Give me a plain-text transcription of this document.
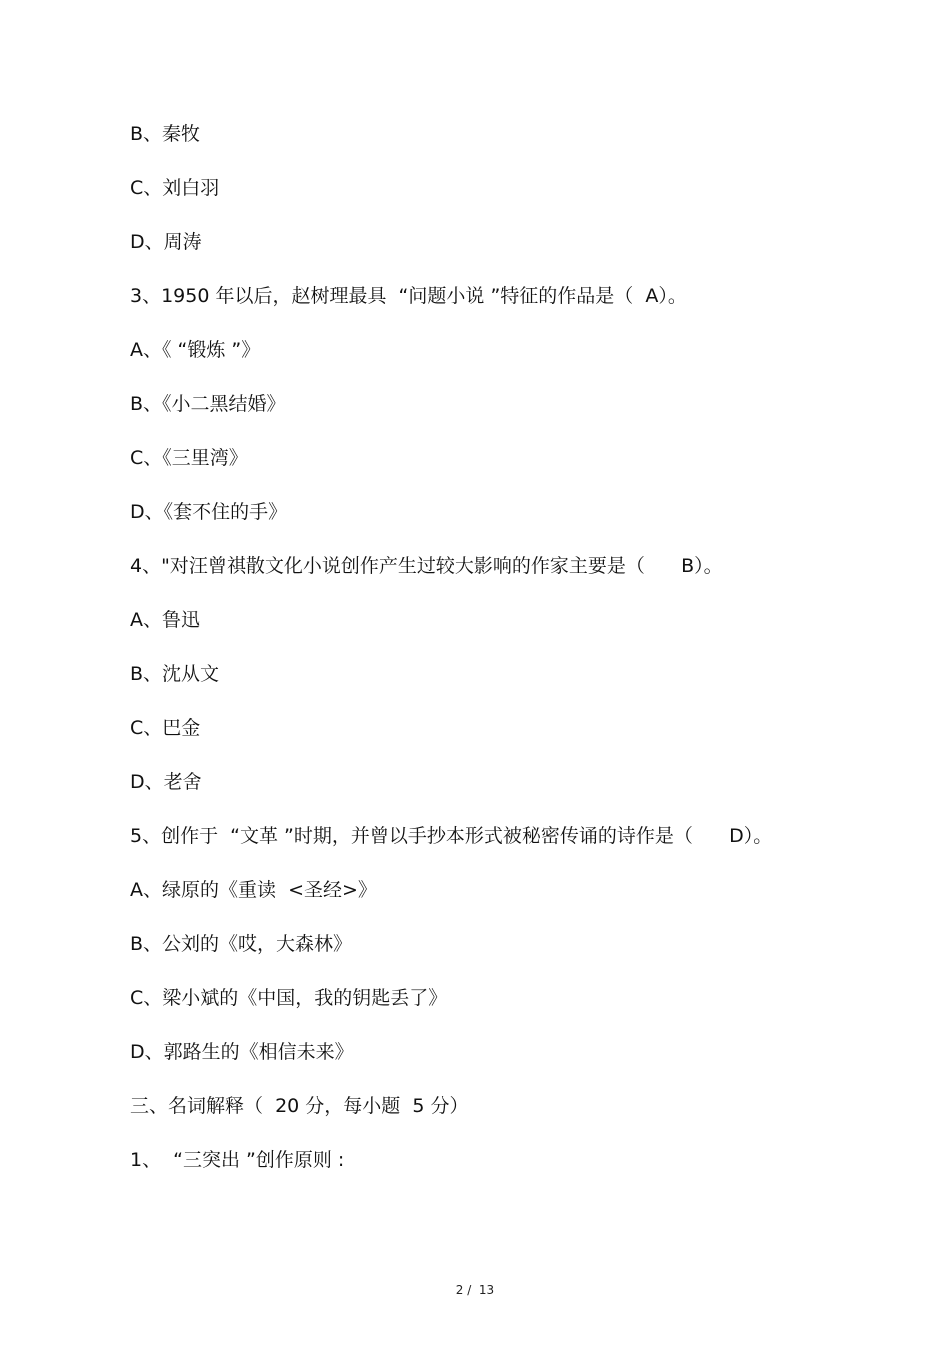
B、秦牧
C、刘白羽
D、周涛
3、1950 年以后，赵树理最具  “问题小说 ”特征的作品是（  A）。
A、《 “锻炼 ”》
B、《小二黑结婚》
C、《三里湾》
D、《套不住的手》
4、"对汪曾祺散文化小说创作产生过较大影响的作家主要是（      B）。
A、鲁迅
B、沈从文
C、巴金
D、老舍
5、创作于  “文革 ”时期，并曾以手抄本形式被秘密传诵的诗作是（      D）。
A、绿原的《重读  <圣经>》
B、公刘的《哎，大森林》
C、梁小斌的《中国，我的钥匙丢了》
D、郭路生的《相信未来》
三、名词解释（  20 分，每小题  5 分）
1、  “三突出 ”创作原则 :
2 /  13
